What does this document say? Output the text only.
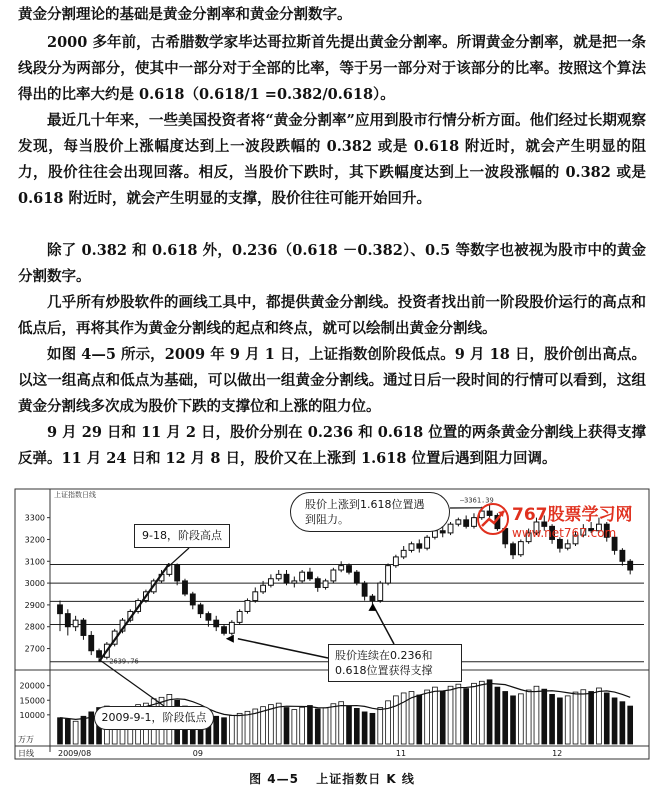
黄金分割理论的基础是黄金分割率和黄金分割数字。

2000 多年前，古希腊数学家毕达哥拉斯首先提出黄金分割率。所谓黄金分割率，就是把一条线段分为两部分，使其中一部分对于全部的比率，等于另一部分对于该部分的比率。按照这个算法得出的比率大约是 0.618（0.618/1 =0.382/0.618）。

最近几十年来，一些美国投资者将“黄金分割率”应用到股市行情分析方面。他们经过长期观察发现，每当股价上涨幅度达到上一波段跌幅的 0.382 或是 0.618 附近时，就会产生明显的阻力，股价往往会出现回落。相反，当股价下跌时，其下跌幅度达到上一波段涨幅的 0.382 或是 0.618 附近时，就会产生明显的支撑，股价往往可能开始回升。

除了 0.382 和 0.618 外，0.236（0.618 －0.382）、0.5 等数字也被视为股市中的黄金分割数字。

几乎所有炒股软件的画线工具中，都提供黄金分割线。投资者找出前一阶段股价运行的高点和低点后，再将其作为黄金分割线的起点和终点，就可以绘制出黄金分割线。

如图 4—5 所示，2009 年 9 月 1 日，上证指数创阶段低点。9 月 18 日，股价创出高点。以这一组高点和低点为基础，可以做出一组黄金分割线。通过日后一段时间的行情可以看到，这组黄金分割线多次成为股价下跌的支撑位和上涨的阻力位。

9 月 29 日和 11 月 2 日，股价分别在 0.236 和 0.618 位置的两条黄金分割线上获得支撑反弹。11 月 24 日和 12 月 8 日，股价又在上涨到 1.618 位置后遇到阻力回调。

2700
2800
2900
3000
3100
3200
3300
10000
15000
20000
上证指数日线
—3361.39
—2639.76
万万
日线	2009/08	09	11	12
9-18，阶段高点
2009-9-1，阶段低点
股价上涨到1.618位置遇到阻力。
股价连续在0.236和0.618位置获得支撑
767股票学习网
www.net767.com
图 4—5 上证指数日 K 线
